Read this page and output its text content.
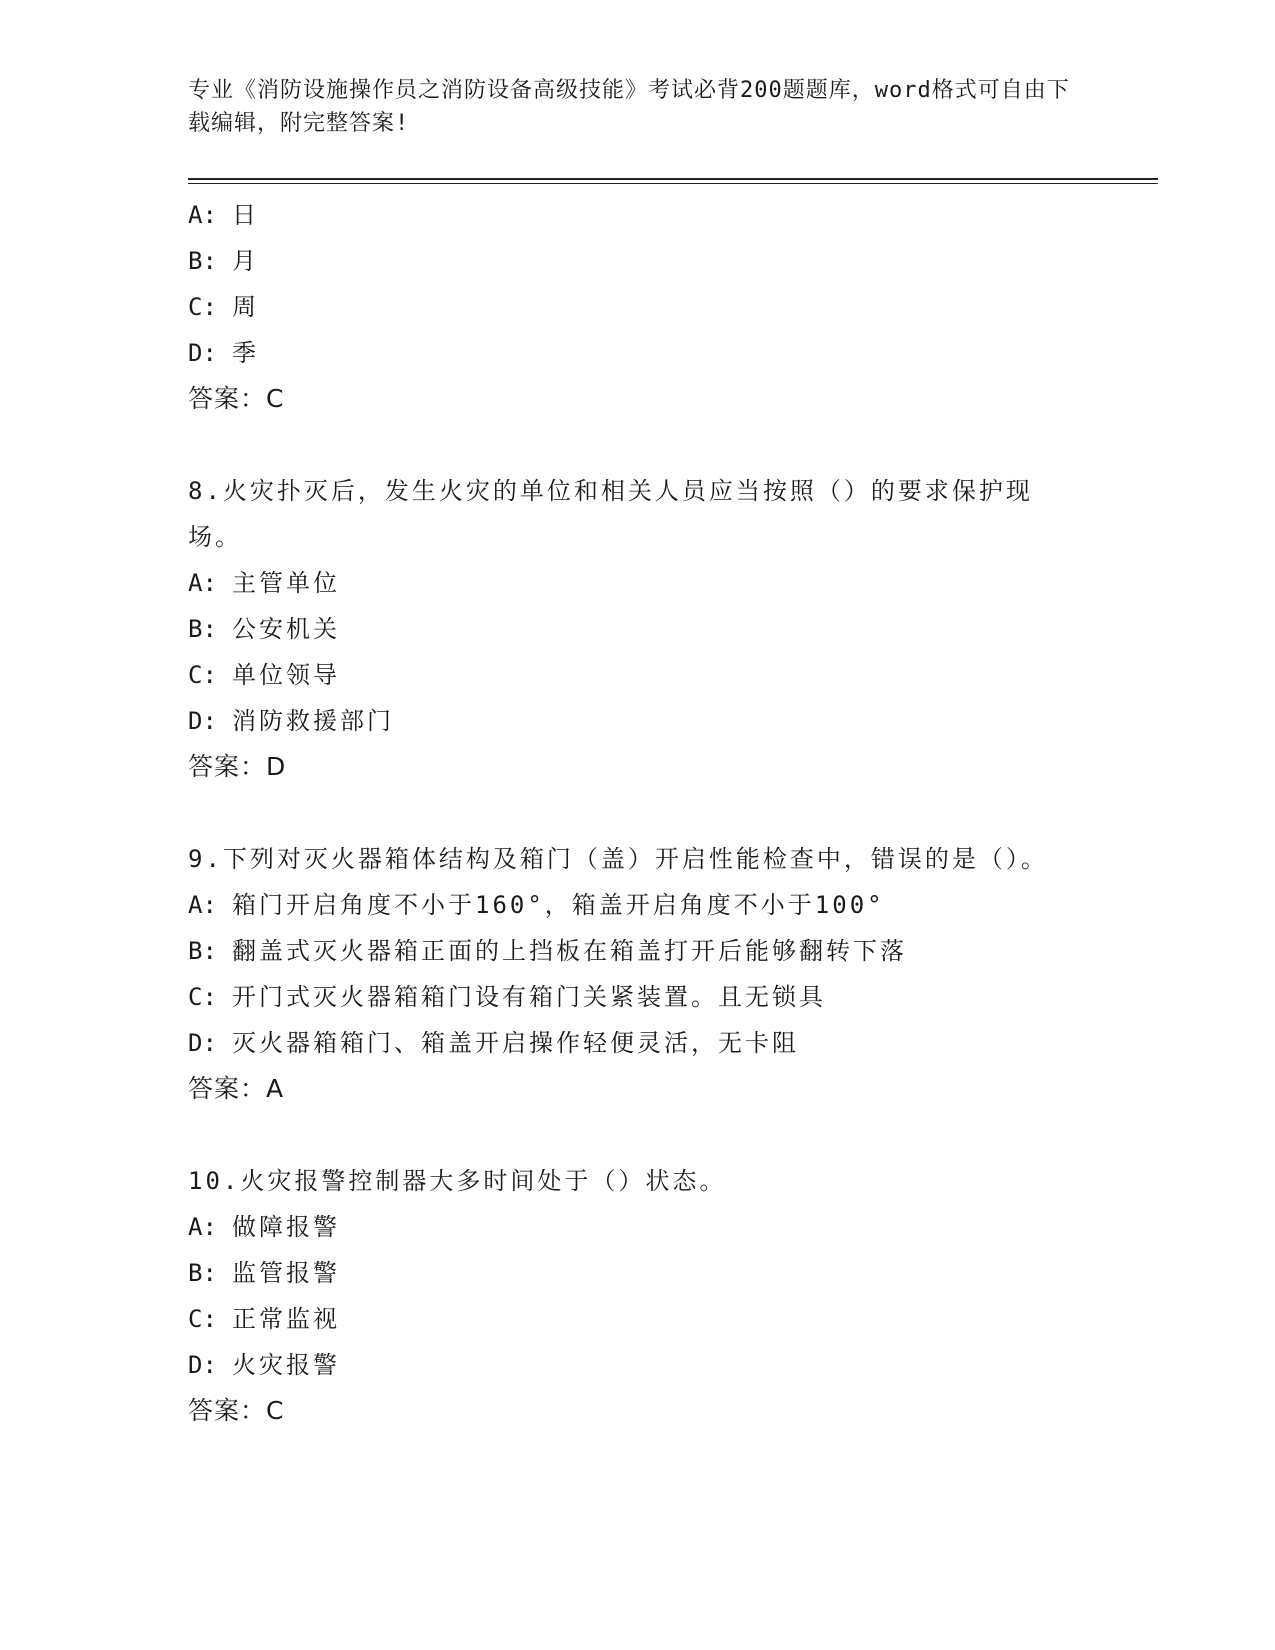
专业《消防设施操作员之消防设备高级技能》考试必背200题题库，word格式可自由下载编辑，附完整答案!

A: 日
B: 月
C: 周
D: 季
答案：C
8.火灾扑灭后，发生火灾的单位和相关人员应当按照（）的要求保护现场。
A: 主管单位
B: 公安机关
C: 单位领导
D: 消防救援部门
答案：D
9.下列对灭火器箱体结构及箱门（盖）开启性能检查中，错误的是（）。
A: 箱门开启角度不小于160°，箱盖开启角度不小于100°
B: 翻盖式灭火器箱正面的上挡板在箱盖打开后能够翻转下落
C: 开门式灭火器箱箱门设有箱门关紧装置。且无锁具
D: 灭火器箱箱门、箱盖开启操作轻便灵活，无卡阻
答案：A
10.火灾报警控制器大多时间处于（）状态。
A: 做障报警
B: 监管报警
C: 正常监视
D: 火灾报警
答案：C
